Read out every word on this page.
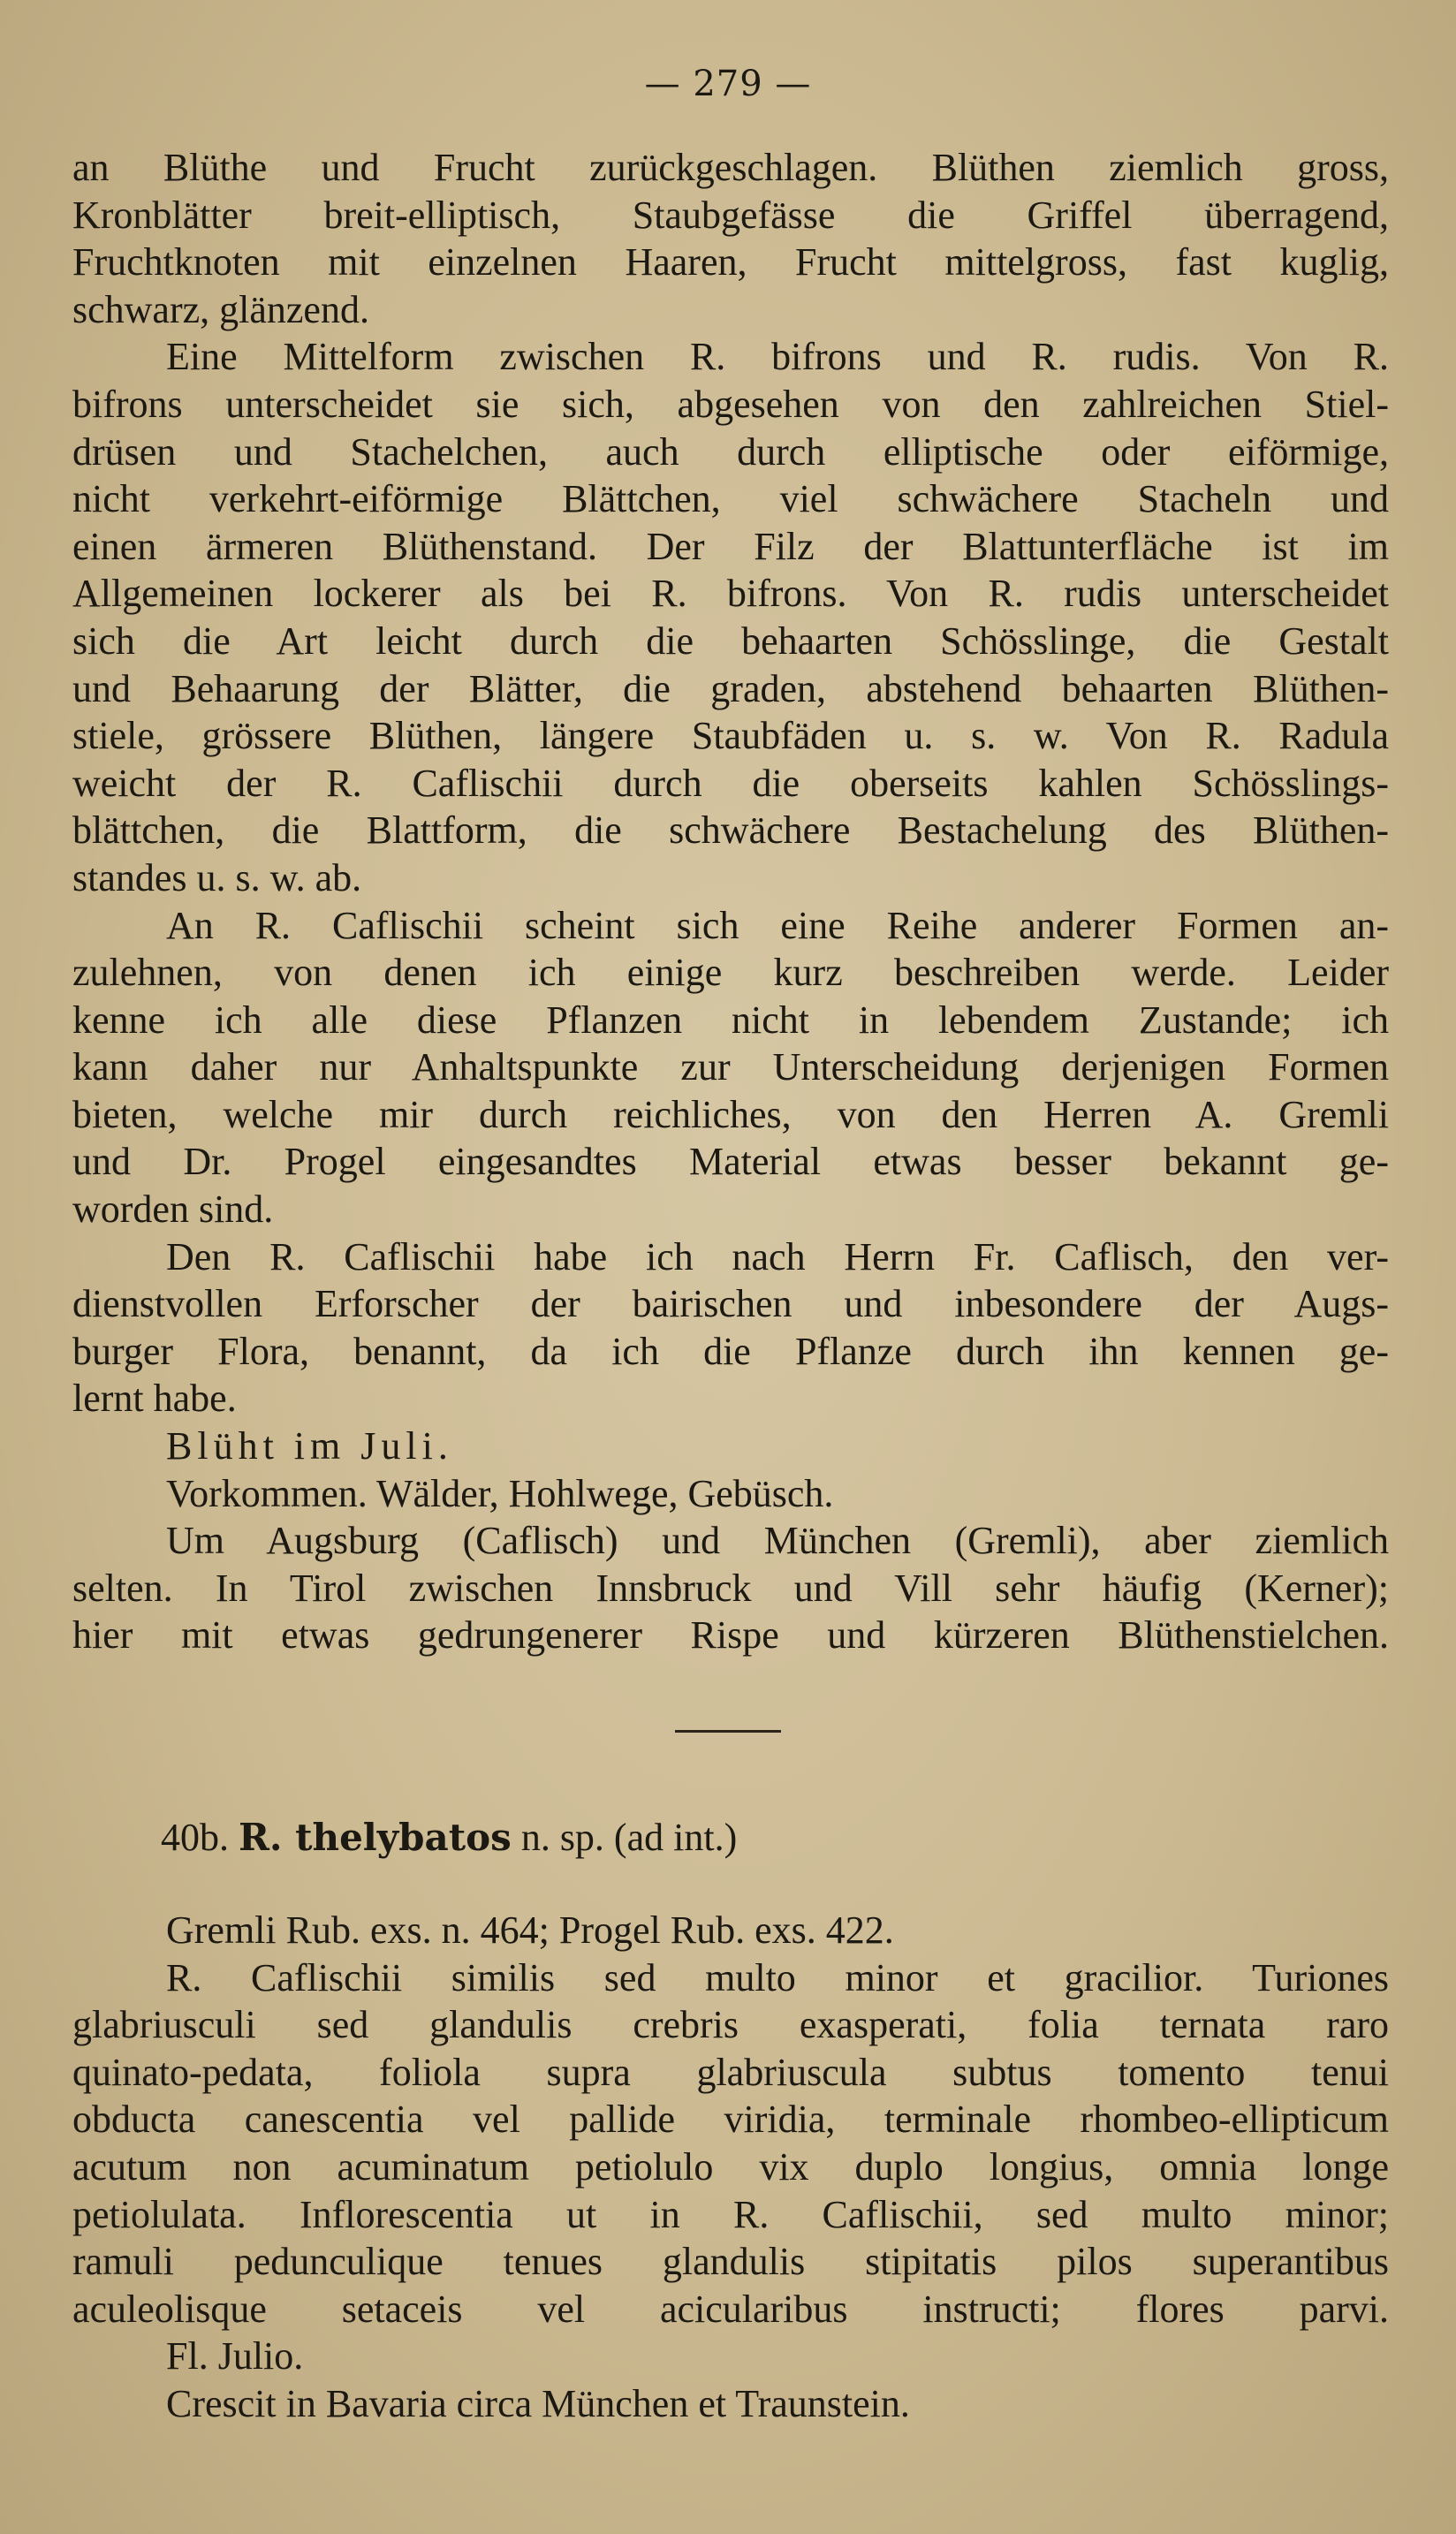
— 279 —
an Blüthe und Frucht zurückgeschlagen. Blüthen ziemlich gross,
Kronblätter breit-elliptisch, Staubgefässe die Griffel überragend,
Fruchtknoten mit einzelnen Haaren, Frucht mittelgross, fast kuglig,
schwarz, glänzend.
Eine Mittelform zwischen R. bifrons und R. rudis. Von R.
bifrons unterscheidet sie sich, abgesehen von den zahlreichen Stiel-
drüsen und Stachelchen, auch durch elliptische oder eiförmige,
nicht verkehrt-eiförmige Blättchen, viel schwächere Stacheln und
einen ärmeren Blüthenstand. Der Filz der Blattunterfläche ist im
Allgemeinen lockerer als bei R. bifrons. Von R. rudis unterscheidet
sich die Art leicht durch die behaarten Schösslinge, die Gestalt
und Behaarung der Blätter, die graden, abstehend behaarten Blüthen-
stiele, grössere Blüthen, längere Staubfäden u. s. w. Von R. Radula
weicht der R. Caflischii durch die oberseits kahlen Schösslings-
blättchen, die Blattform, die schwächere Bestachelung des Blüthen-
standes u. s. w. ab.
An R. Caflischii scheint sich eine Reihe anderer Formen an-
zulehnen, von denen ich einige kurz beschreiben werde. Leider
kenne ich alle diese Pflanzen nicht in lebendem Zustande; ich
kann daher nur Anhaltspunkte zur Unterscheidung derjenigen Formen
bieten, welche mir durch reichliches, von den Herren A. Gremli
und Dr. Progel eingesandtes Material etwas besser bekannt ge-
worden sind.
Den R. Caflischii habe ich nach Herrn Fr. Caflisch, den ver-
dienstvollen Erforscher der bairischen und inbesondere der Augs-
burger Flora, benannt, da ich die Pflanze durch ihn kennen ge-
lernt habe.
Blüht im Juli.
Vorkommen. Wälder, Hohlwege, Gebüsch.
Um Augsburg (Caflisch) und München (Gremli), aber ziemlich
selten. In Tirol zwischen Innsbruck und Vill sehr häufig (Kerner);
hier mit etwas gedrungenerer Rispe und kürzeren Blüthenstielchen.
40b. R. thelybatos n. sp. (ad int.)
Gremli Rub. exs. n. 464; Progel Rub. exs. 422.
R. Caflischii similis sed multo minor et gracilior. Turiones
glabriusculi sed glandulis crebris exasperati, folia ternata raro
quinato-pedata, foliola supra glabriuscula subtus tomento tenui
obducta canescentia vel pallide viridia, terminale rhombeo-ellipticum
acutum non acuminatum petiolulo vix duplo longius, omnia longe
petiolulata. Inflorescentia ut in R. Caflischii, sed multo minor;
ramuli pedunculique tenues glandulis stipitatis pilos superantibus
aculeolisque setaceis vel acicularibus instructi; flores parvi.
Fl. Julio.
Crescit in Bavaria circa München et Traunstein.
